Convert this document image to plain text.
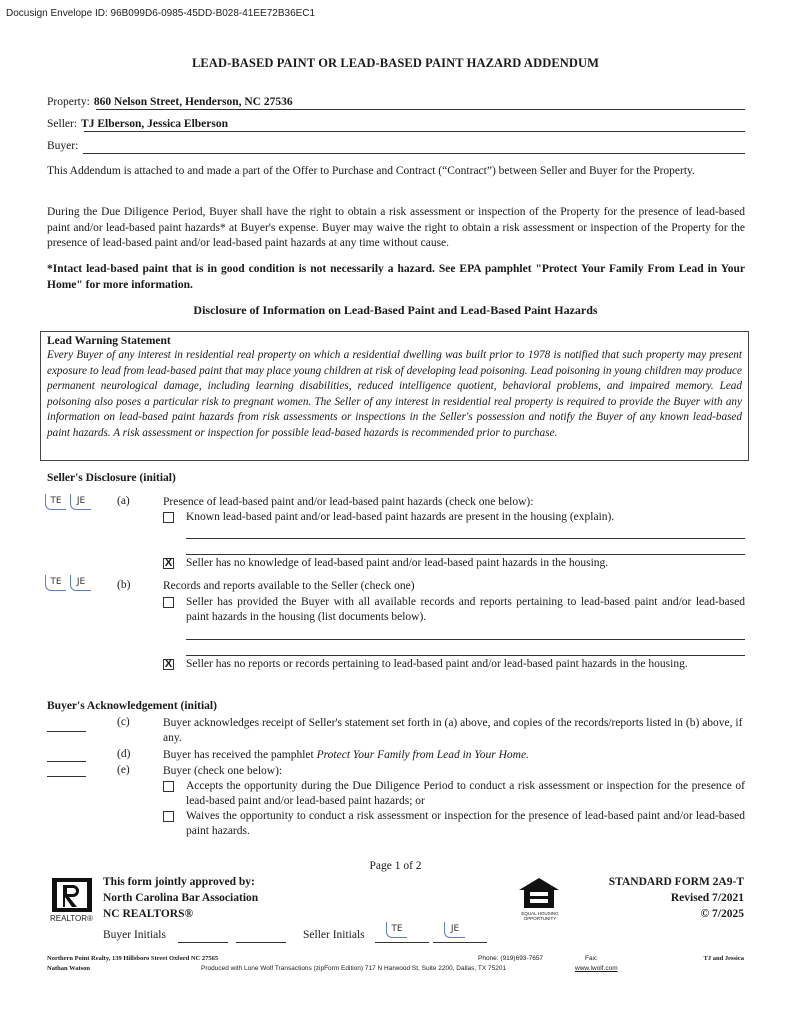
Docusign Envelope ID: 96B099D6-0985-45DD-B028-41EE72B36EC1
LEAD-BASED PAINT OR LEAD-BASED PAINT HAZARD ADDENDUM
Property: 860 Nelson Street, Henderson, NC 27536
Seller: TJ Elberson, Jessica Elberson
Buyer:
This Addendum is attached to and made a part of the Offer to Purchase and Contract (“Contract”) between Seller and Buyer for the Property.
During the Due Diligence Period, Buyer shall have the right to obtain a risk assessment or inspection of the Property for the presence of lead-based paint and/or lead-based paint hazards* at Buyer's expense. Buyer may waive the right to obtain a risk assessment or inspection of the Property for the presence of lead-based paint and/or lead-based paint hazards at any time without cause.
*Intact lead-based paint that is in good condition is not necessarily a hazard. See EPA pamphlet "Protect Your Family From Lead in Your Home" for more information.
Disclosure of Information on Lead-Based Paint and Lead-Based Paint Hazards
Lead Warning Statement
Every Buyer of any interest in residential real property on which a residential dwelling was built prior to 1978 is notified that such property may present exposure to lead from lead-based paint that may place young children at risk of developing lead poisoning. Lead poisoning in young children may produce permanent neurological damage, including learning disabilities, reduced intelligence quotient, behavioral problems, and impaired memory. Lead poisoning also poses a particular risk to pregnant women. The Seller of any interest in residential real property is required to provide the Buyer with any information on lead-based paint hazards from risk assessments or inspections in the Seller's possession and notify the Buyer of any known lead-based paint hazards. A risk assessment or inspection for possible lead-based hazards is recommended prior to purchase.
Seller's Disclosure (initial)
TE	JE	(a)	Presence of lead-based paint and/or lead-based paint hazards (check one below):
Known lead-based paint and/or lead-based paint hazards are present in the housing (explain).
X Seller has no knowledge of lead-based paint and/or lead-based paint hazards in the housing.
TE	JE	(b)	Records and reports available to the Seller (check one)
Seller has provided the Buyer with all available records and reports pertaining to lead-based paint and/or lead-based paint hazards in the housing (list documents below).
X Seller has no reports or records pertaining to lead-based paint and/or lead-based paint hazards in the housing.
Buyer's Acknowledgement (initial)
(c)	Buyer acknowledges receipt of Seller's statement set forth in (a) above, and copies of the records/reports listed in (b) above, if any.
(d)	Buyer has received the pamphlet Protect Your Family from Lead in Your Home.
(e)	Buyer (check one below):
Accepts the opportunity during the Due Diligence Period to conduct a risk assessment or inspection for the presence of lead-based paint and/or lead-based paint hazards; or
Waives the opportunity to conduct a risk assessment or inspection for the presence of lead-based paint and/or lead-based paint hazards.
Page 1 of 2
REALTOR®
This form jointly approved by:
North Carolina Bar Association
NC REALTORS®	EQUAL HOUSING OPPORTUNITY
STANDARD FORM 2A9-T
Revised 7/2021
© 7/2025
Buyer Initials	Seller Initials	TE	JE
Northern Point Realty, 139 Hillsboro Street Oxford NC 27565
Nathan Watson
Phone: (919)693-7657	Fax:	TJ and Jessica
Produced with Lone Wolf Transactions (zipForm Edition) 717 N Harwood St, Suite 2200, Dallas, TX 75201	www.lwolf.com
